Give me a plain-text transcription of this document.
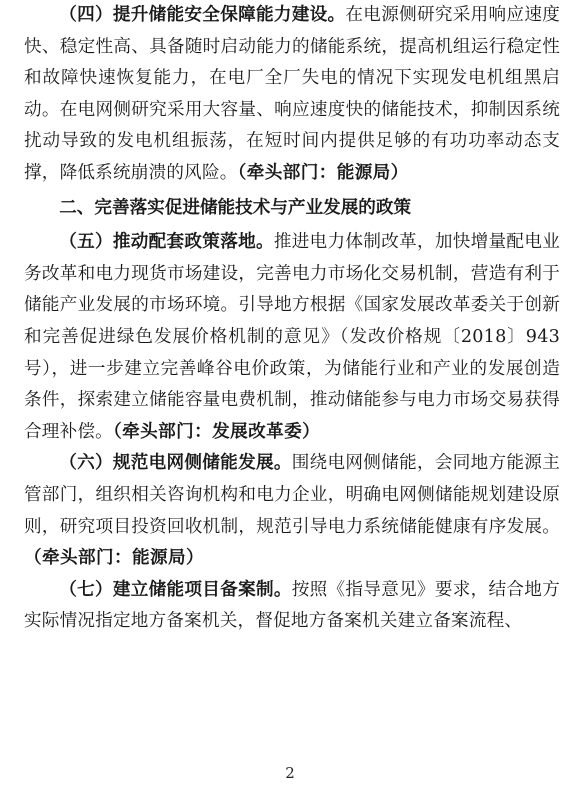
（四）提升储能安全保障能力建设。在电源侧研究采用响应速度快、稳定性高、具备随时启动能力的储能系统，提高机组运行稳定性和故障快速恢复能力，在电厂全厂失电的情况下实现发电机组黑启动。在电网侧研究采用大容量、响应速度快的储能技术，抑制因系统扰动导致的发电机组振荡，在短时间内提供足够的有功功率动态支撑，降低系统崩溃的风险。（牵头部门：能源局）

二、完善落实促进储能技术与产业发展的政策

（五）推动配套政策落地。推进电力体制改革，加快增量配电业务改革和电力现货市场建设，完善电力市场化交易机制，营造有利于储能产业发展的市场环境。引导地方根据《国家发展改革委关于创新和完善促进绿色发展价格机制的意见》（发改价格规〔2018〕943号），进一步建立完善峰谷电价政策，为储能行业和产业的发展创造条件，探索建立储能容量电费机制，推动储能参与电力市场交易获得合理补偿。（牵头部门：发展改革委）

（六）规范电网侧储能发展。围绕电网侧储能，会同地方能源主管部门，组织相关咨询机构和电力企业，明确电网侧储能规划建设原则，研究项目投资回收机制，规范引导电力系统储能健康有序发展。（牵头部门：能源局）

（七）建立储能项目备案制。按照《指导意见》要求，结合地方实际情况指定地方备案机关，督促地方备案机关建立备案流程、

2
